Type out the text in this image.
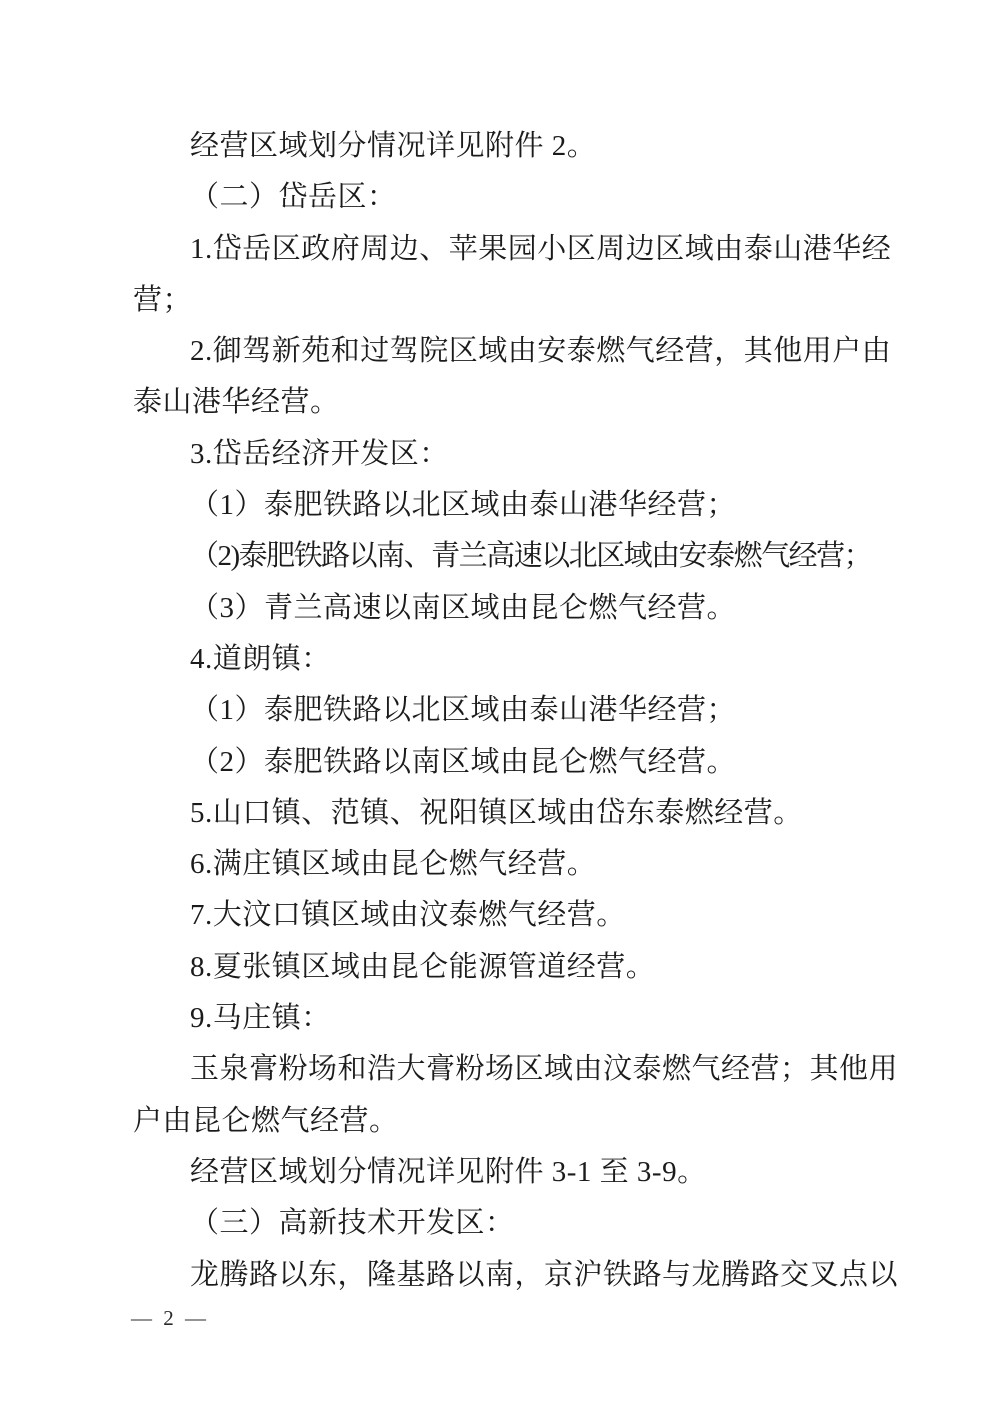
经营区域划分情况详见附件 2。

（二）岱岳区：

1.岱岳区政府周边、苹果园小区周边区域由泰山港华经

营；

2.御驾新苑和过驾院区域由安泰燃气经营，其他用户由

泰山港华经营。

3.岱岳经济开发区：

（1）泰肥铁路以北区域由泰山港华经营；

（2)泰肥铁路以南、青兰高速以北区域由安泰燃气经营；

（3）青兰高速以南区域由昆仑燃气经营。

4.道朗镇：

（1）泰肥铁路以北区域由泰山港华经营；

（2）泰肥铁路以南区域由昆仑燃气经营。

5.山口镇、范镇、祝阳镇区域由岱东泰燃经营。

6.满庄镇区域由昆仑燃气经营。

7.大汶口镇区域由汶泰燃气经营。

8.夏张镇区域由昆仑能源管道经营。

9.马庄镇：

玉泉膏粉场和浩大膏粉场区域由汶泰燃气经营；其他用

户由昆仑燃气经营。

经营区域划分情况详见附件 3-1 至 3-9。

（三）高新技术开发区：

龙腾路以东，隆基路以南，京沪铁路与龙腾路交叉点以

— 2 —
